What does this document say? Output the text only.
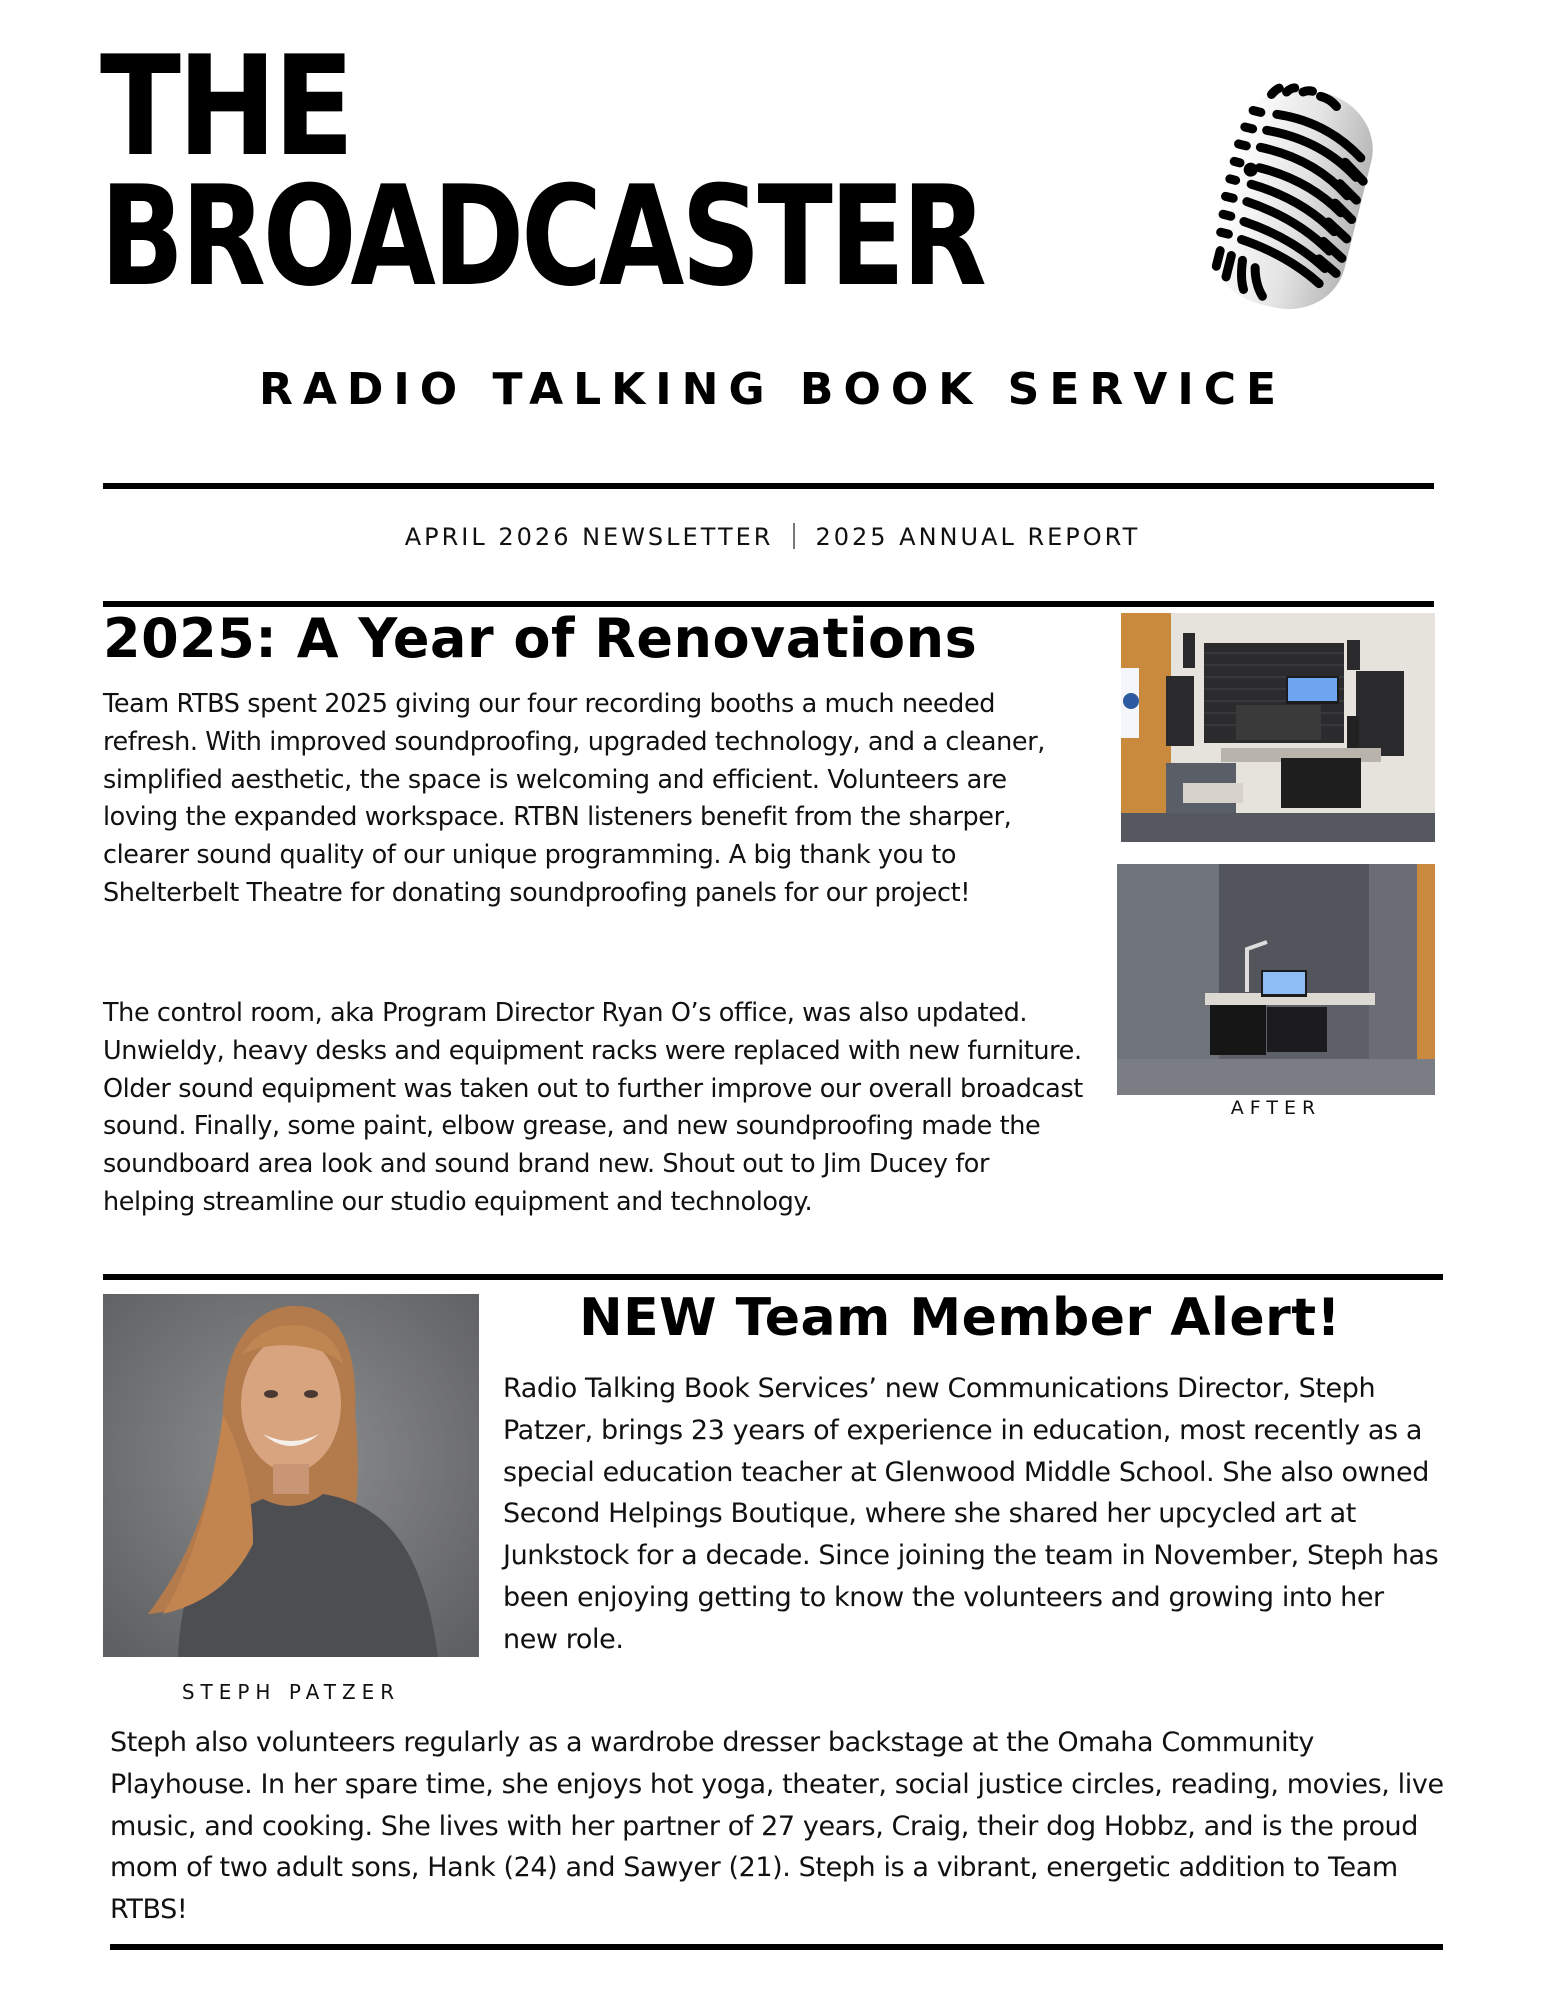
THE
BROADCASTER
RADIO TALKING BOOK SERVICE
APRIL 2026 NEWSLETTER 2025 ANNUAL REPORT
2025: A Year of Renovations

Team RTBS spent 2025 giving our four recording booths a much needed refresh. With improved soundproofing, upgraded technology, and a cleaner, simplified aesthetic, the space is welcoming and efficient. Volunteers are loving the expanded workspace. RTBN listeners benefit from the sharper, clearer sound quality of our unique programming. A big thank you to Shelterbelt Theatre for donating soundproofing panels for our project!

The control room, aka Program Director Ryan O’s office, was also updated. Unwieldy, heavy desks and equipment racks were replaced with new furniture. Older sound equipment was taken out to further improve our overall broadcast sound. Finally, some paint, elbow grease, and new soundproofing made the soundboard area look and sound brand new. Shout out to Jim Ducey for helping streamline our studio equipment and technology.

AFTER
STEPH PATZER
NEW Team Member Alert!

Radio Talking Book Services’ new Communications Director, Steph Patzer, brings 23 years of experience in education, most recently as a special education teacher at Glenwood Middle School. She also owned Second Helpings Boutique, where she shared her upcycled art at Junkstock for a decade. Since joining the team in November, Steph has been enjoying getting to know the volunteers and growing into her new role.

Steph also volunteers regularly as a wardrobe dresser backstage at the Omaha Community Playhouse. In her spare time, she enjoys hot yoga, theater, social justice circles, reading, movies, live music, and cooking. She lives with her partner of 27 years, Craig, their dog Hobbz, and is the proud mom of two adult sons, Hank (24) and Sawyer (21). Steph is a vibrant, energetic addition to Team RTBS!
